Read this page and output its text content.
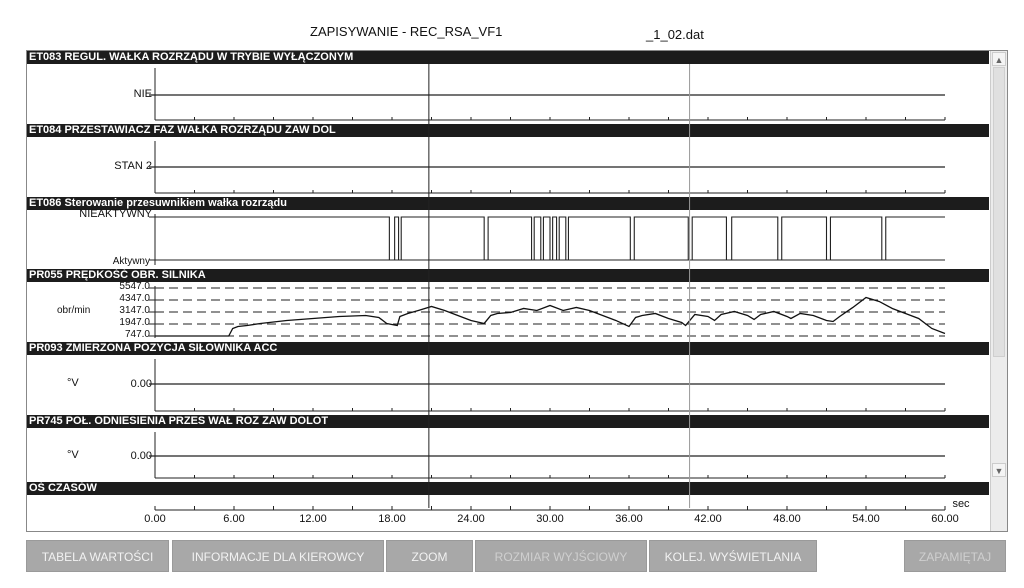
ZAPISYWANIE - REC_RSA_VF1	_1_02.dat
ET083 REGUL. WAŁKA ROZRZĄDU W TRYBIE WYŁĄCZONYM
NIE
ET084 PRZESTAWIACZ FAZ WAŁKA ROZRZĄDU ZAW DOL
STAN 2
ET086 Sterowanie przesuwnikiem wałka rozrządu
NIEAKTYWNY
Aktywny
PR055 PRĘDKOŚĆ OBR. SILNIKA
5547.0
4347.0
3147.0
1947.0
747.0
obr/min
PR093 ZMIERZONA POZYCJA SIŁOWNIKA ACC
°V	0.00
PR745 POŁ. ODNIESIENIA PRZES WAŁ ROZ ZAW DOLOT
°V	0.00
OŚ CZASÓW
0.00	6.00	12.00	18.00	24.00	30.00	36.00	42.00	48.00	54.00	60.00
sec
▲
▼
TABELA WARTOŚCI	INFORMACJE DLA KIEROWCY	ZOOM	ROZMIAR WYJŚCIOWY	KOLEJ. WYŚWIETLANIA	ZAPAMIĘTAJ
